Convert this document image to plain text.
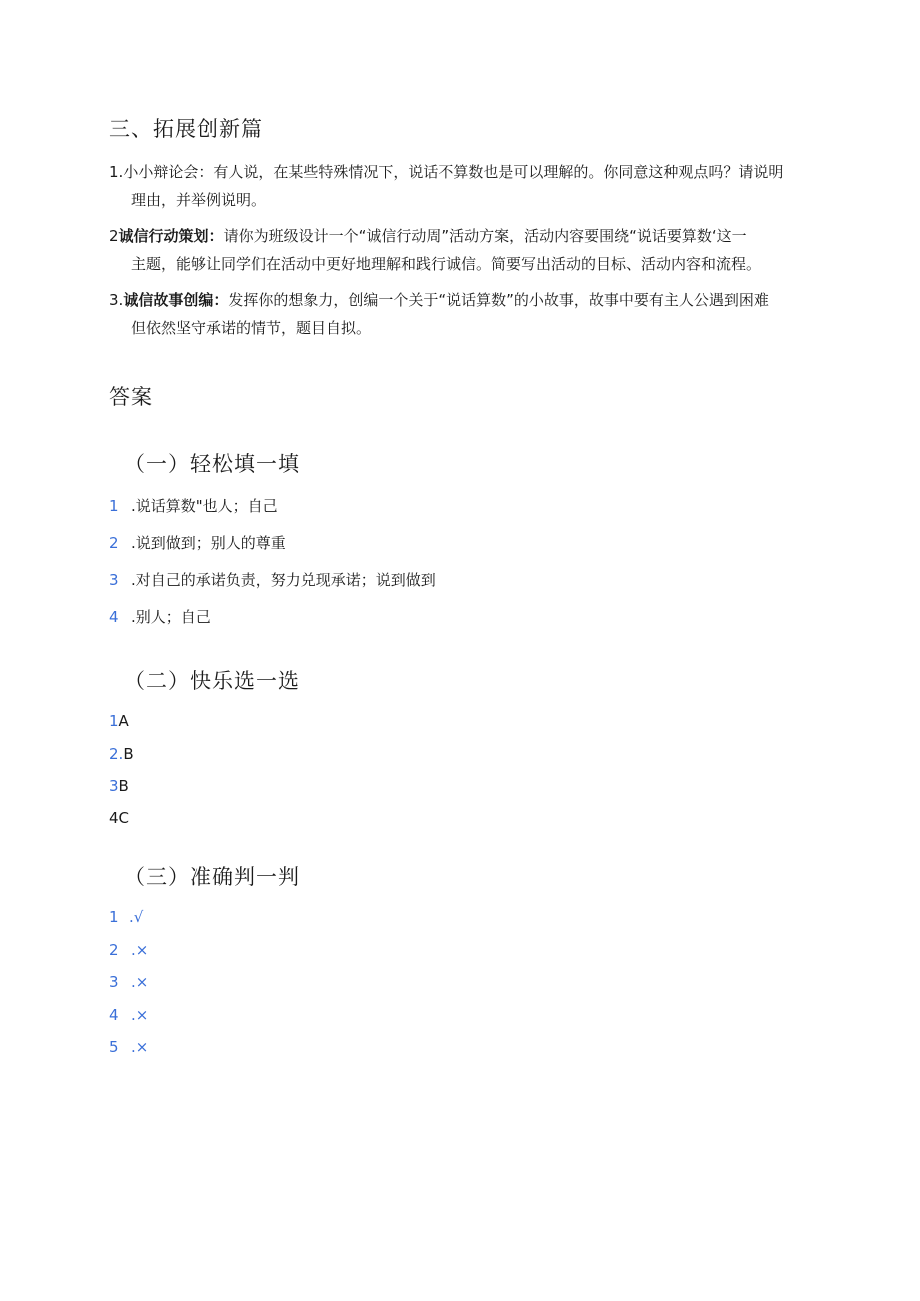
三、拓展创新篇
1.小小辩论会：有人说，在某些特殊情况下，说话不算数也是可以理解的。你同意这种观点吗？请说明
理由，并举例说明。
2诚信行动策划：请你为班级设计一个“诚信行动周”活动方案，活动内容要围绕“说话要算数‘这一
主题，能够让同学们在活动中更好地理解和践行诚信。简要写出活动的目标、活动内容和流程。
3.诚信故事创编：发挥你的想象力，创编一个关于“说话算数”的小故事，故事中要有主人公遇到困难
但依然坚守承诺的情节，题目自拟。
答案
（一）轻松填一填
1 .说话算数"也人；自己
2 .说到做到；别人的尊重
3 .对自己的承诺负责，努力兑现承诺；说到做到
4 .别人；自己
（二）快乐选一选
1A
2.B
3B
4C
（三）准确判一判
1 .√
2 .×
3 .×
4 .×
5 .×
